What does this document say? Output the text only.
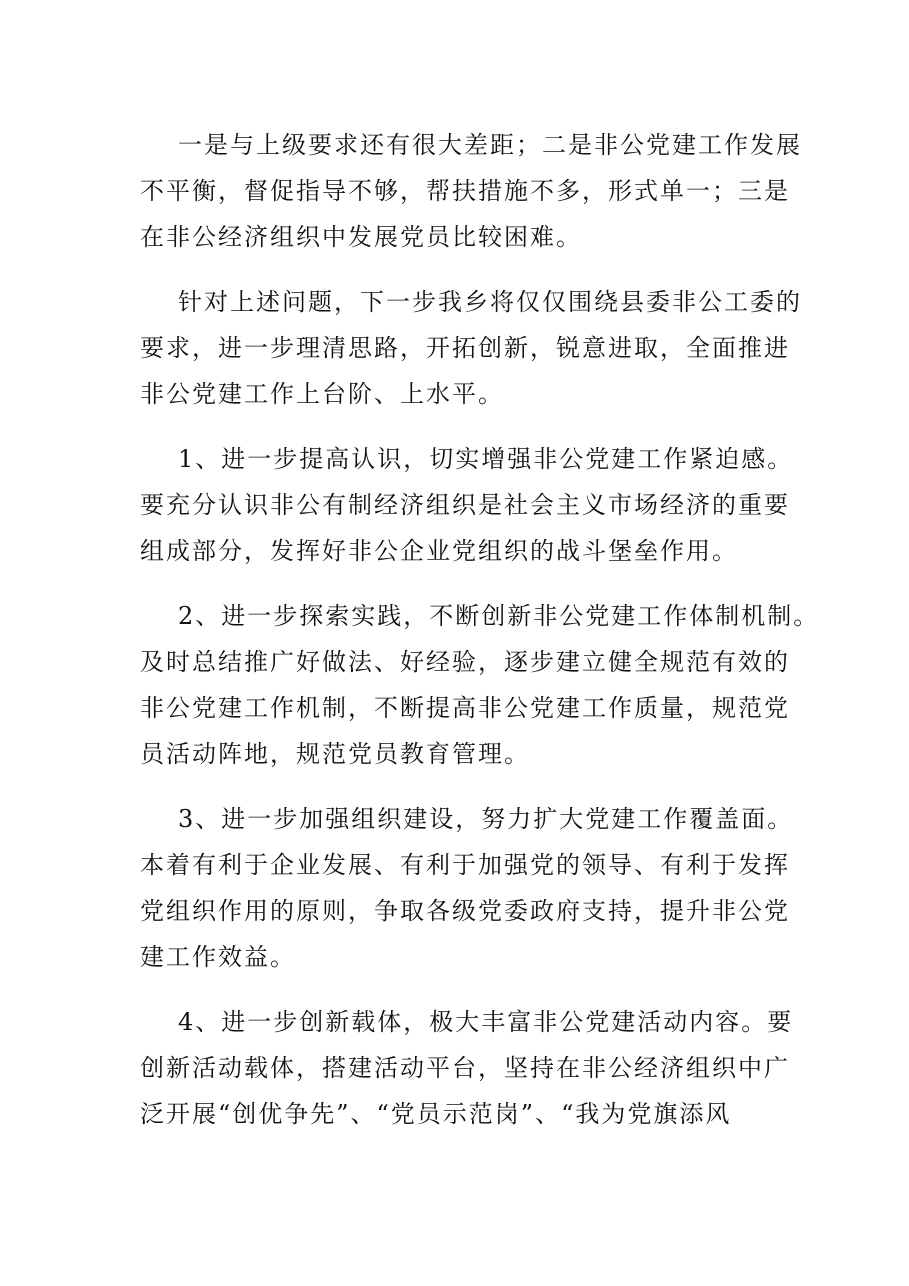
一是与上级要求还有很大差距；二是非公党建工作发展
不平衡，督促指导不够，帮扶措施不多，形式单一；三是
在非公经济组织中发展党员比较困难。

针对上述问题，下一步我乡将仅仅围绕县委非公工委的
要求，进一步理清思路，开拓创新，锐意进取，全面推进
非公党建工作上台阶、上水平。

1、进一步提高认识，切实增强非公党建工作紧迫感。
要充分认识非公有制经济组织是社会主义市场经济的重要
组成部分，发挥好非公企业党组织的战斗堡垒作用。

2、进一步探索实践，不断创新非公党建工作体制机制。
及时总结推广好做法、好经验，逐步建立健全规范有效的
非公党建工作机制，不断提高非公党建工作质量，规范党
员活动阵地，规范党员教育管理。

3、进一步加强组织建设，努力扩大党建工作覆盖面。
本着有利于企业发展、有利于加强党的领导、有利于发挥
党组织作用的原则，争取各级党委政府支持，提升非公党
建工作效益。

4、进一步创新载体，极大丰富非公党建活动内容。要
创新活动载体，搭建活动平台，坚持在非公经济组织中广
泛开展“创优争先”、“党员示范岗”、“我为党旗添风
